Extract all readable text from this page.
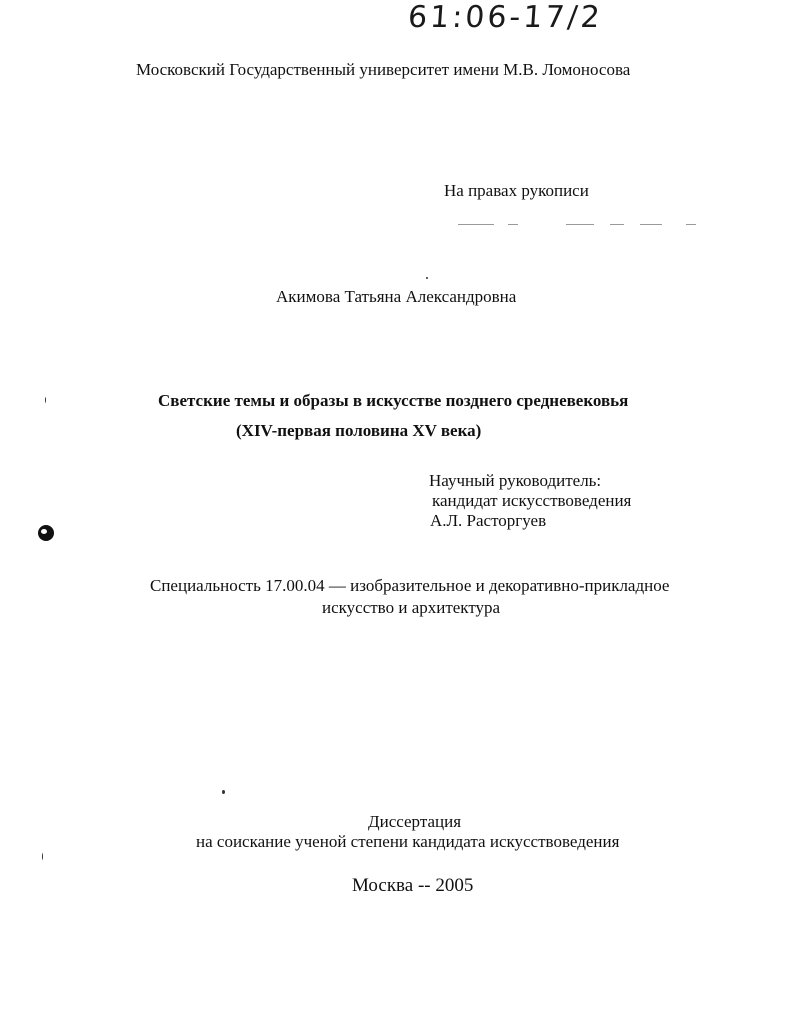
61:06-17/2
Московский Государственный университет имени М.В. Ломоносова
На правах рукописи
Акимова Татьяна Александровна
Светские темы и образы в искусстве позднего средневековья
(XIV-первая половина XV века)
Научный руководитель:
кандидат искусствоведения
А.Л. Расторгуев
Специальность 17.00.04 — изобразительное и декоративно-прикладное
искусство и архитектура
Диссертация
на соискание ученой степени кандидата искусствоведения
Москва -- 2005
